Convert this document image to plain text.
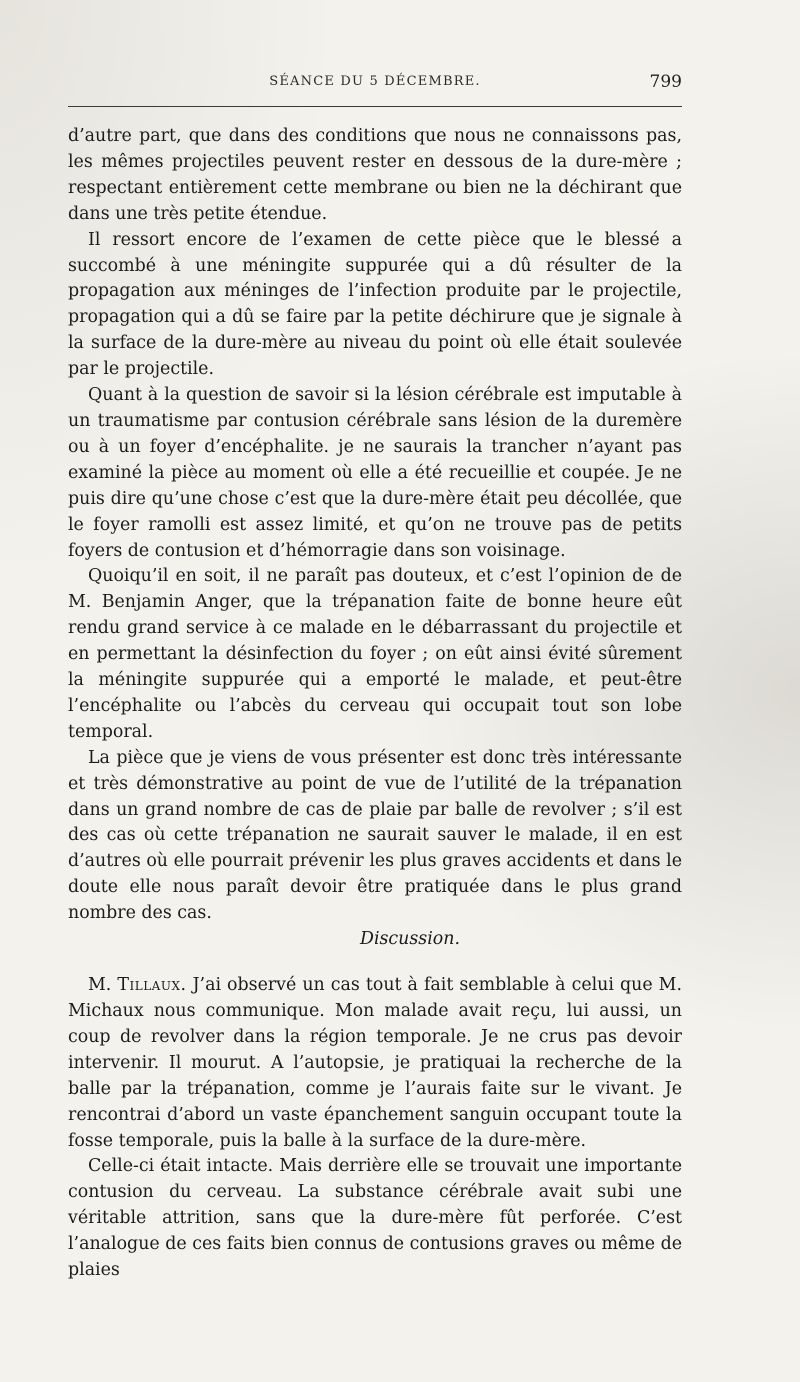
SÉANCE DU 5 DÉCEMBRE.	799

d’autre part, que dans des conditions que nous ne connaissons pas, les mêmes projectiles peuvent rester en dessous de la dure-mère ; respectant entièrement cette membrane ou bien ne la déchirant que dans une très petite étendue.

Il ressort encore de l’examen de cette pièce que le blessé a succombé à une méningite suppurée qui a dû résulter de la propagation aux méninges de l’infection produite par le projectile, propagation qui a dû se faire par la petite déchirure que je signale à la surface de la dure-mère au niveau du point où elle était soulevée par le projectile.

Quant à la question de savoir si la lésion cérébrale est imputable à un traumatisme par contusion cérébrale sans lésion de la duremère ou à un foyer d’encéphalite. je ne saurais la trancher n’ayant pas examiné la pièce au moment où elle a été recueillie et coupée. Je ne puis dire qu’une chose c’est que la dure-mère était peu décollée, que le foyer ramolli est assez limité, et qu’on ne trouve pas de petits foyers de contusion et d’hémorragie dans son voisinage.

Quoiqu’il en soit, il ne paraît pas douteux, et c’est l’opinion de de M. Benjamin Anger, que la trépanation faite de bonne heure eût rendu grand service à ce malade en le débarrassant du projectile et en permettant la désinfection du foyer ; on eût ainsi évité sûrement la méningite suppurée qui a emporté le malade, et peut-être l’encéphalite ou l’abcès du cerveau qui occupait tout son lobe temporal.

La pièce que je viens de vous présenter est donc très intéressante et très démonstrative au point de vue de l’utilité de la trépanation dans un grand nombre de cas de plaie par balle de revolver ; s’il est des cas où cette trépanation ne saurait sauver le malade, il en est d’autres où elle pourrait prévenir les plus graves accidents et dans le doute elle nous paraît devoir être pratiquée dans le plus grand nombre des cas.

Discussion.

M. Tillaux. J’ai observé un cas tout à fait semblable à celui que M. Michaux nous communique. Mon malade avait reçu, lui aussi, un coup de revolver dans la région temporale. Je ne crus pas devoir intervenir. Il mourut. A l’autopsie, je pratiquai la recherche de la balle par la trépanation, comme je l’aurais faite sur le vivant. Je rencontrai d’abord un vaste épanchement sanguin occupant toute la fosse temporale, puis la balle à la surface de la dure-mère.

Celle-ci était intacte. Mais derrière elle se trouvait une importante contusion du cerveau. La substance cérébrale avait subi une véritable attrition, sans que la dure-mère fût perforée. C’est l’analogue de ces faits bien connus de contusions graves ou même de plaies
